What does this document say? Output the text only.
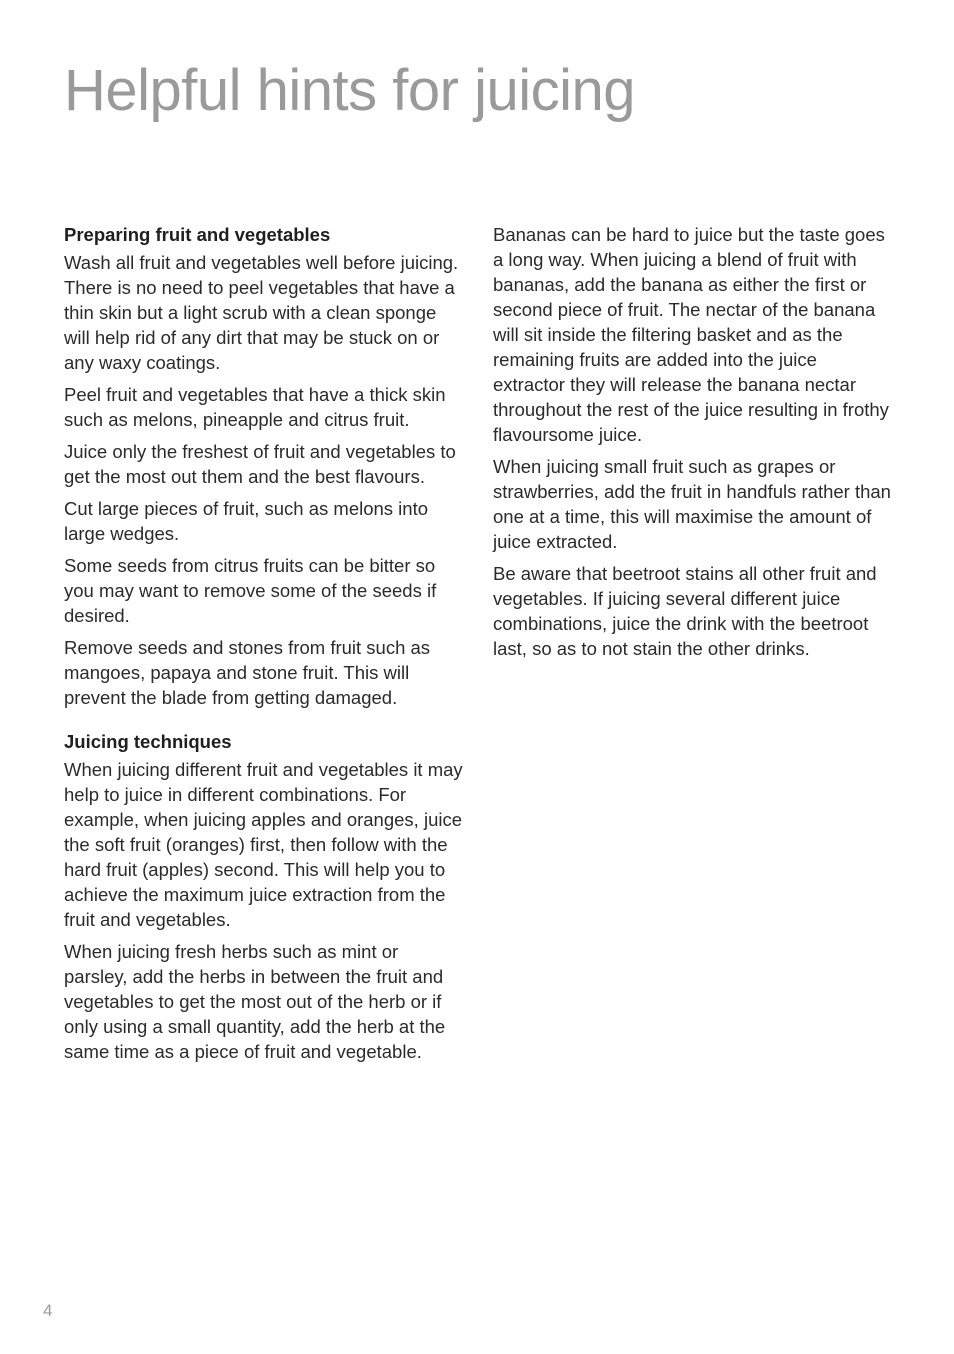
Helpful hints for juicing
Preparing fruit and vegetables

Wash all fruit and vegetables well before juicing. There is no need to peel vegetables that have a thin skin but a light scrub with a clean sponge will help rid of any dirt that may be stuck on or any waxy coatings.

Peel fruit and vegetables that have a thick skin such as melons, pineapple and citrus fruit.

Juice only the freshest of fruit and vegetables to get the most out them and the best flavours.

Cut large pieces of fruit, such as melons into large wedges.

Some seeds from citrus fruits can be bitter so you may want to remove some of the seeds if desired.

Remove seeds and stones from fruit such as mangoes, papaya and stone fruit. This will prevent the blade from getting damaged.

Juicing techniques

When juicing different fruit and vegetables it may help to juice in different combinations. For example, when juicing apples and oranges, juice the soft fruit (oranges) first, then follow with the hard fruit (apples) second. This will help you to achieve the maximum juice extraction from the fruit and vegetables.

When juicing fresh herbs such as mint or parsley, add the herbs in between the fruit and vegetables to get the most out of the herb or if only using a small quantity, add the herb at the same time as a piece of fruit and vegetable.

Bananas can be hard to juice but the taste goes a long way. When juicing a blend of fruit with bananas, add the banana as either the first or second piece of fruit. The nectar of the banana will sit inside the filtering basket and as the remaining fruits are added into the juice extractor they will release the banana nectar throughout the rest of the juice resulting in frothy flavoursome juice.

When juicing small fruit such as grapes or strawberries, add the fruit in handfuls rather than one at a time, this will maximise the amount of juice extracted.

Be aware that beetroot stains all other fruit and vegetables. If juicing several different juice combinations, juice the drink with the beetroot last, so as to not stain the other drinks.

4
